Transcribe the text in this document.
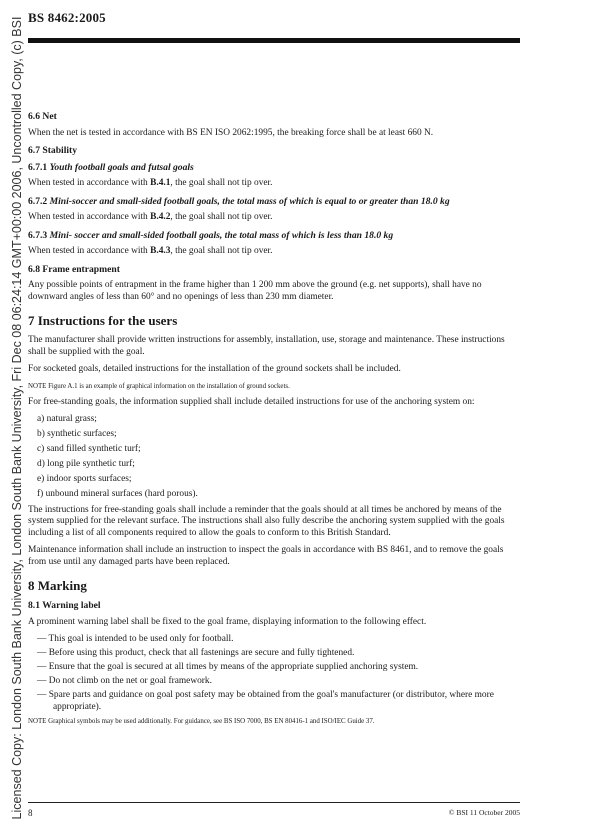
Licensed Copy: London South Bank University, London South Bank University, Fri Dec 08 06:24:14 GMT+00:00 2006, Uncontrolled Copy, (c) BSI BS 8462:2005
6.6 Net

When the net is tested in accordance with BS EN ISO 2062:1995, the breaking force shall be at least 660 N.

6.7 Stability
6.7.1 Youth football goals and futsal goals

When tested in accordance with B.4.1, the goal shall not tip over.

6.7.2 Mini-soccer and small-sided football goals, the total mass of which is equal to or greater than 18.0 kg

When tested in accordance with B.4.2, the goal shall not tip over.

6.7.3 Mini- soccer and small-sided football goals, the total mass of which is less than 18.0 kg

When tested in accordance with B.4.3, the goal shall not tip over.

6.8 Frame entrapment

Any possible points of entrapment in the frame higher than 1 200 mm above the ground (e.g. net supports), shall have no downward angles of less than 60° and no openings of less than 230 mm diameter.

7 Instructions for the users

The manufacturer shall provide written instructions for assembly, installation, use, storage and maintenance. These instructions shall be supplied with the goal.

For socketed goals, detailed instructions for the installation of the ground sockets shall be included.

NOTE Figure A.1 is an example of graphical information on the installation of ground sockets.

For free-standing goals, the information supplied shall include detailed instructions for use of the anchoring system on:

a) natural grass;
b) synthetic surfaces;
c) sand filled synthetic turf;
d) long pile synthetic turf;
e) indoor sports surfaces;
f) unbound mineral surfaces (hard porous).

The instructions for free-standing goals shall include a reminder that the goals should at all times be anchored by means of the system supplied for the relevant surface. The instructions shall also fully describe the anchoring system supplied with the goals including a list of all components required to allow the goals to conform to this British Standard.

Maintenance information shall include an instruction to inspect the goals in accordance with BS 8461, and to remove the goals from use until any damaged parts have been replaced.

8 Marking
8.1 Warning label

A prominent warning label shall be fixed to the goal frame, displaying information to the following effect.

— This goal is intended to be used only for football.
— Before using this product, check that all fastenings are secure and fully tightened.
— Ensure that the goal is secured at all times by means of the appropriate supplied anchoring system.
— Do not climb on the net or goal framework.
— Spare parts and guidance on goal post safety may be obtained from the goal's manufacturer (or distributor, where more appropriate).
NOTE Graphical symbols may be used additionally. For guidance, see BS ISO 7000, BS EN 80416-1 and ISO/IEC Guide 37.
8	© BSI 11 October 2005
